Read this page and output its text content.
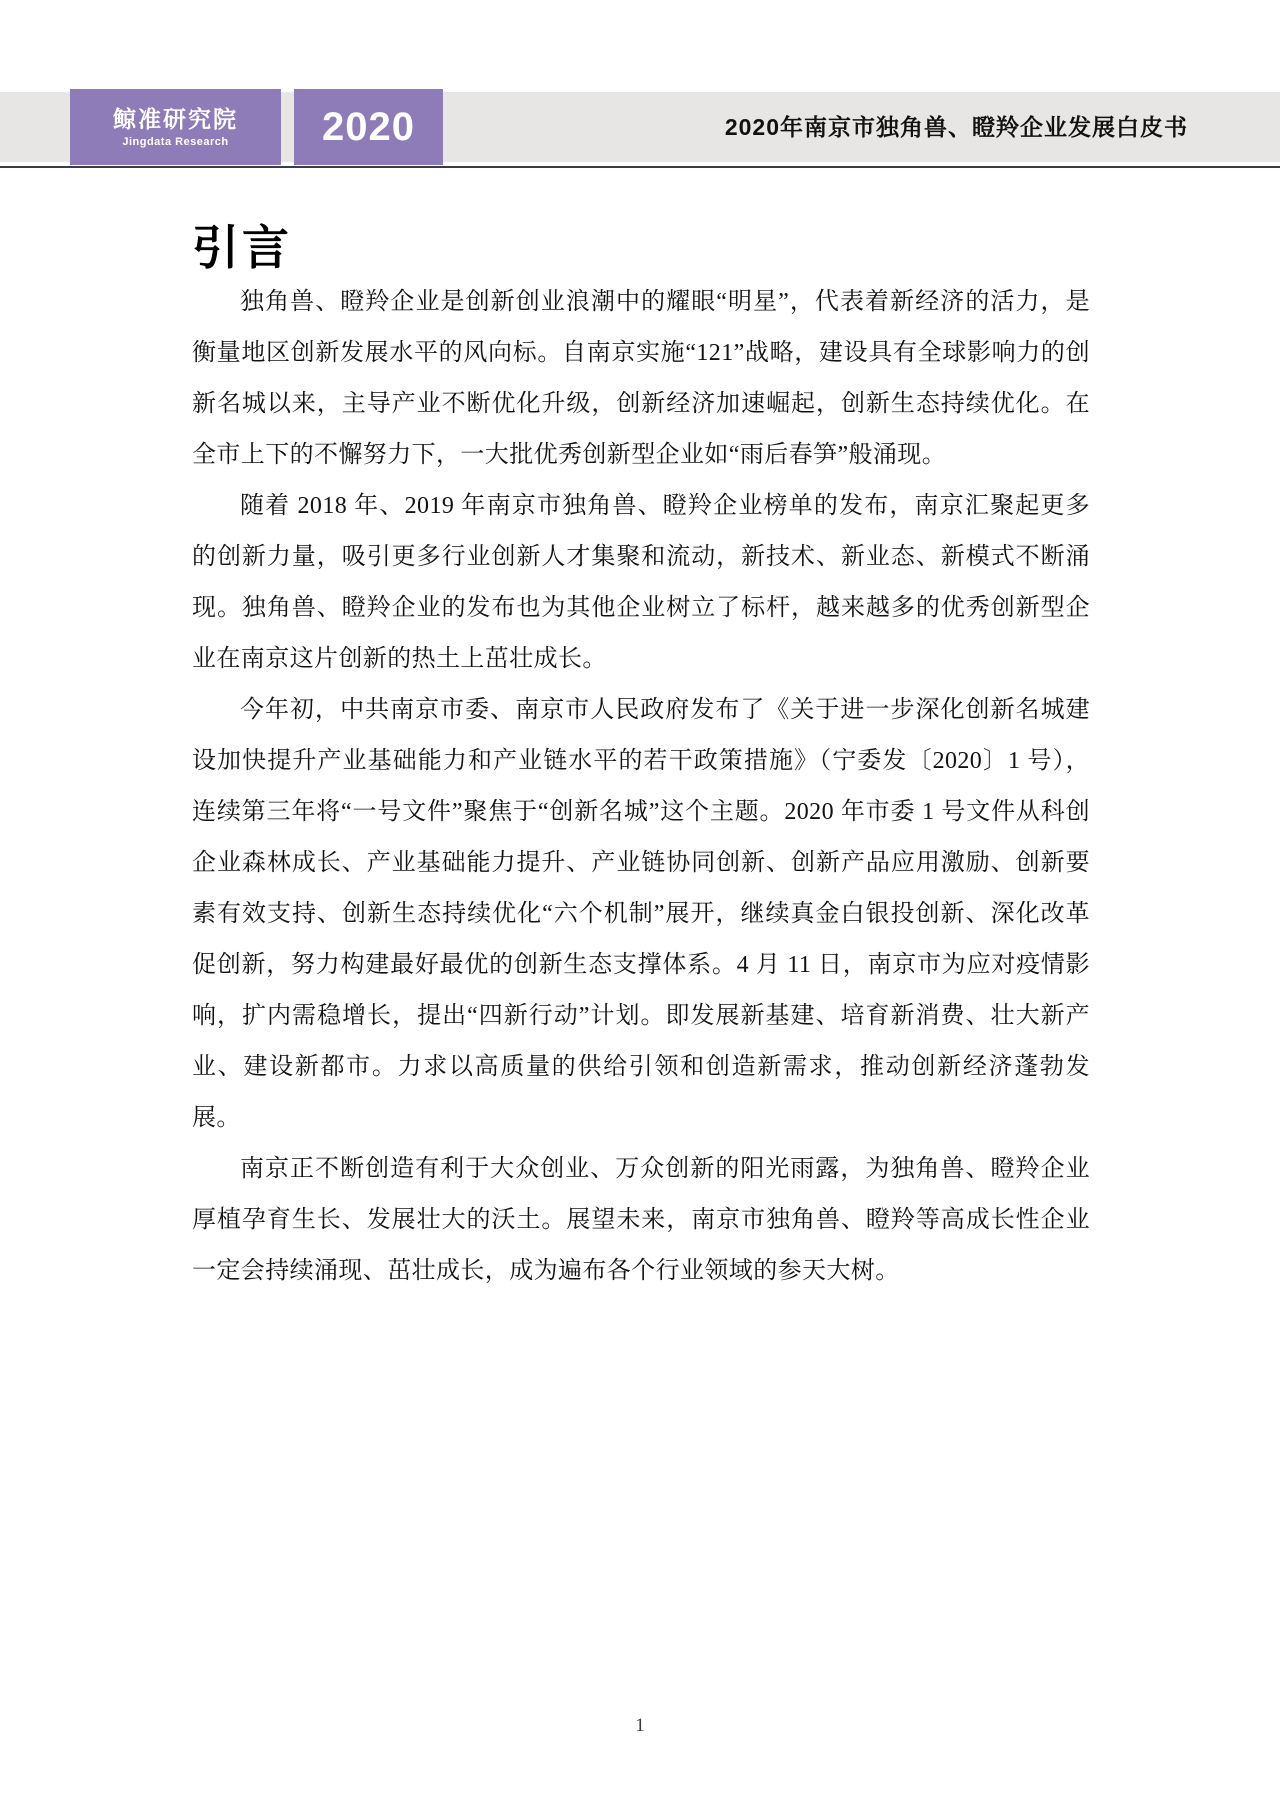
鲸准研究院
Jingdata Research	2020	2020年南京市独角兽、瞪羚企业发展白皮书
引言

独角兽、瞪羚企业是创新创业浪潮中的耀眼“明星”，代表着新经济的活力，是衡量地区创新发展水平的风向标。自南京实施“121”战略，建设具有全球影响力的创新名城以来，主导产业不断优化升级，创新经济加速崛起，创新生态持续优化。在全市上下的不懈努力下，一大批优秀创新型企业如“雨后春笋”般涌现。

随着 2018 年、2019 年南京市独角兽、瞪羚企业榜单的发布，南京汇聚起更多的创新力量，吸引更多行业创新人才集聚和流动，新技术、新业态、新模式不断涌现。独角兽、瞪羚企业的发布也为其他企业树立了标杆，越来越多的优秀创新型企业在南京这片创新的热土上茁壮成长。

今年初，中共南京市委、南京市人民政府发布了《关于进一步深化创新名城建设加快提升产业基础能力和产业链水平的若干政策措施》（宁委发〔2020〕1 号），连续第三年将“一号文件”聚焦于“创新名城”这个主题。2020 年市委 1 号文件从科创企业森林成长、产业基础能力提升、产业链协同创新、创新产品应用激励、创新要素有效支持、创新生态持续优化“六个机制”展开，继续真金白银投创新、深化改革促创新，努力构建最好最优的创新生态支撑体系。4 月 11 日，南京市为应对疫情影响，扩内需稳增长，提出“四新行动”计划。即发展新基建、培育新消费、壮大新产业、建设新都市。力求以高质量的供给引领和创造新需求，推动创新经济蓬勃发展。

南京正不断创造有利于大众创业、万众创新的阳光雨露，为独角兽、瞪羚企业厚植孕育生长、发展壮大的沃土。展望未来，南京市独角兽、瞪羚等高成长性企业一定会持续涌现、茁壮成长，成为遍布各个行业领域的参天大树。

1
